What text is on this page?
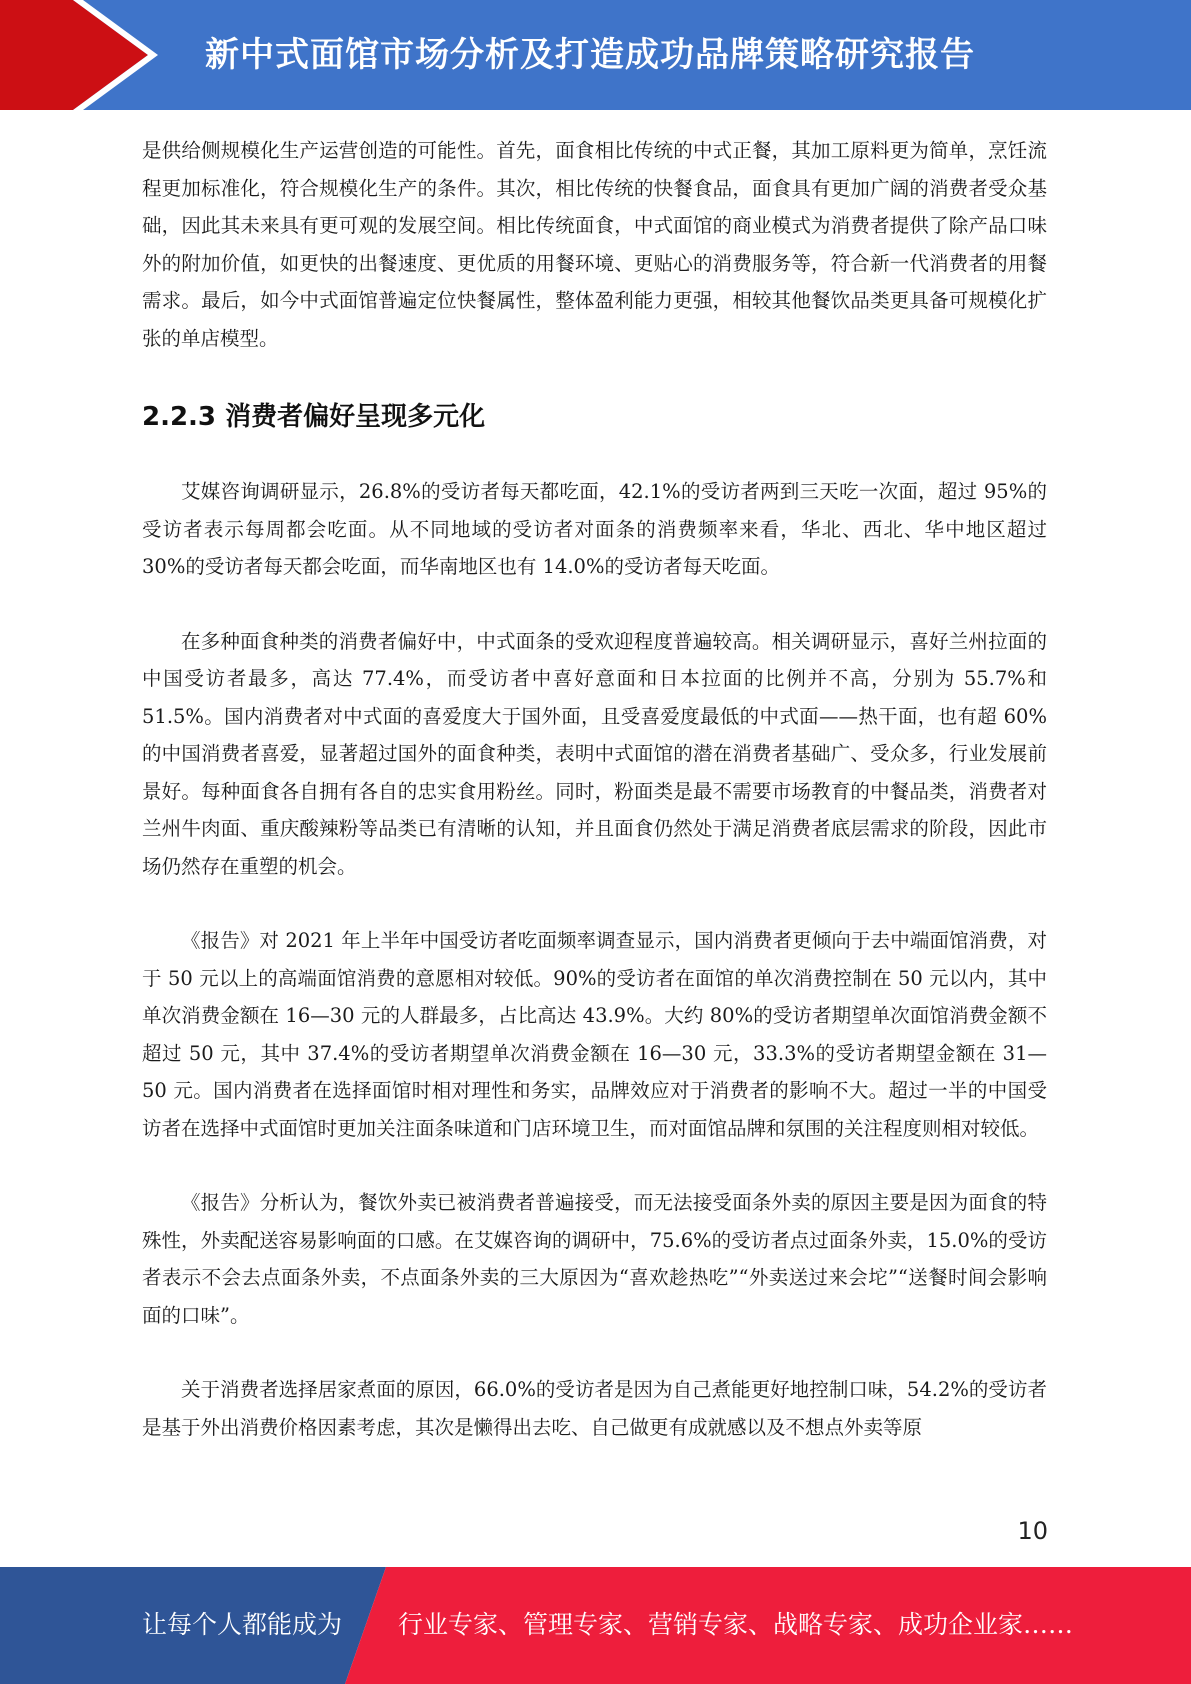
新中式面馆市场分析及打造成功品牌策略研究报告

是供给侧规模化生产运营创造的可能性。首先，面食相比传统的中式正餐，其加工原料更为简单，烹饪流程更加标准化，符合规模化生产的条件。其次，相比传统的快餐食品，面食具有更加广阔的消费者受众基础，因此其未来具有更可观的发展空间。相比传统面食，中式面馆的商业模式为消费者提供了除产品口味外的附加价值，如更快的出餐速度、更优质的用餐环境、更贴心的消费服务等，符合新一代消费者的用餐需求。最后，如今中式面馆普遍定位快餐属性，整体盈利能力更强，相较其他餐饮品类更具备可规模化扩张的单店模型。

2.2.3 消费者偏好呈现多元化

艾媒咨询调研显示，26.8%的受访者每天都吃面，42.1%的受访者两到三天吃一次面，超过 95%的受访者表示每周都会吃面。从不同地域的受访者对面条的消费频率来看，华北、西北、华中地区超过 30%的受访者每天都会吃面，而华南地区也有 14.0%的受访者每天吃面。

在多种面食种类的消费者偏好中，中式面条的受欢迎程度普遍较高。相关调研显示，喜好兰州拉面的中国受访者最多，高达 77.4%，而受访者中喜好意面和日本拉面的比例并不高，分别为 55.7%和 51.5%。国内消费者对中式面的喜爱度大于国外面，且受喜爱度最低的中式面——热干面，也有超 60%的中国消费者喜爱，显著超过国外的面食种类，表明中式面馆的潜在消费者基础广、受众多，行业发展前景好。每种面食各自拥有各自的忠实食用粉丝。同时，粉面类是最不需要市场教育的中餐品类，消费者对兰州牛肉面、重庆酸辣粉等品类已有清晰的认知，并且面食仍然处于满足消费者底层需求的阶段，因此市场仍然存在重塑的机会。

《报告》对 2021 年上半年中国受访者吃面频率调查显示，国内消费者更倾向于去中端面馆消费，对于 50 元以上的高端面馆消费的意愿相对较低。90%的受访者在面馆的单次消费控制在 50 元以内，其中单次消费金额在 16—30 元的人群最多，占比高达 43.9%。大约 80%的受访者期望单次面馆消费金额不超过 50 元，其中 37.4%的受访者期望单次消费金额在 16—30 元，33.3%的受访者期望金额在 31—50 元。国内消费者在选择面馆时相对理性和务实，品牌效应对于消费者的影响不大。超过一半的中国受访者在选择中式面馆时更加关注面条味道和门店环境卫生，而对面馆品牌和氛围的关注程度则相对较低。

《报告》分析认为，餐饮外卖已被消费者普遍接受，而无法接受面条外卖的原因主要是因为面食的特殊性，外卖配送容易影响面的口感。在艾媒咨询的调研中，75.6%的受访者点过面条外卖，15.0%的受访者表示不会去点面条外卖，不点面条外卖的三大原因为“喜欢趁热吃”“外卖送过来会坨”“送餐时间会影响面的口味”。

关于消费者选择居家煮面的原因，66.0%的受访者是因为自己煮能更好地控制口味，54.2%的受访者是基于外出消费价格因素考虑，其次是懒得出去吃、自己做更有成就感以及不想点外卖等原

10
让每个人都能成为 行业专家、管理专家、营销专家、战略专家、成功企业家……
